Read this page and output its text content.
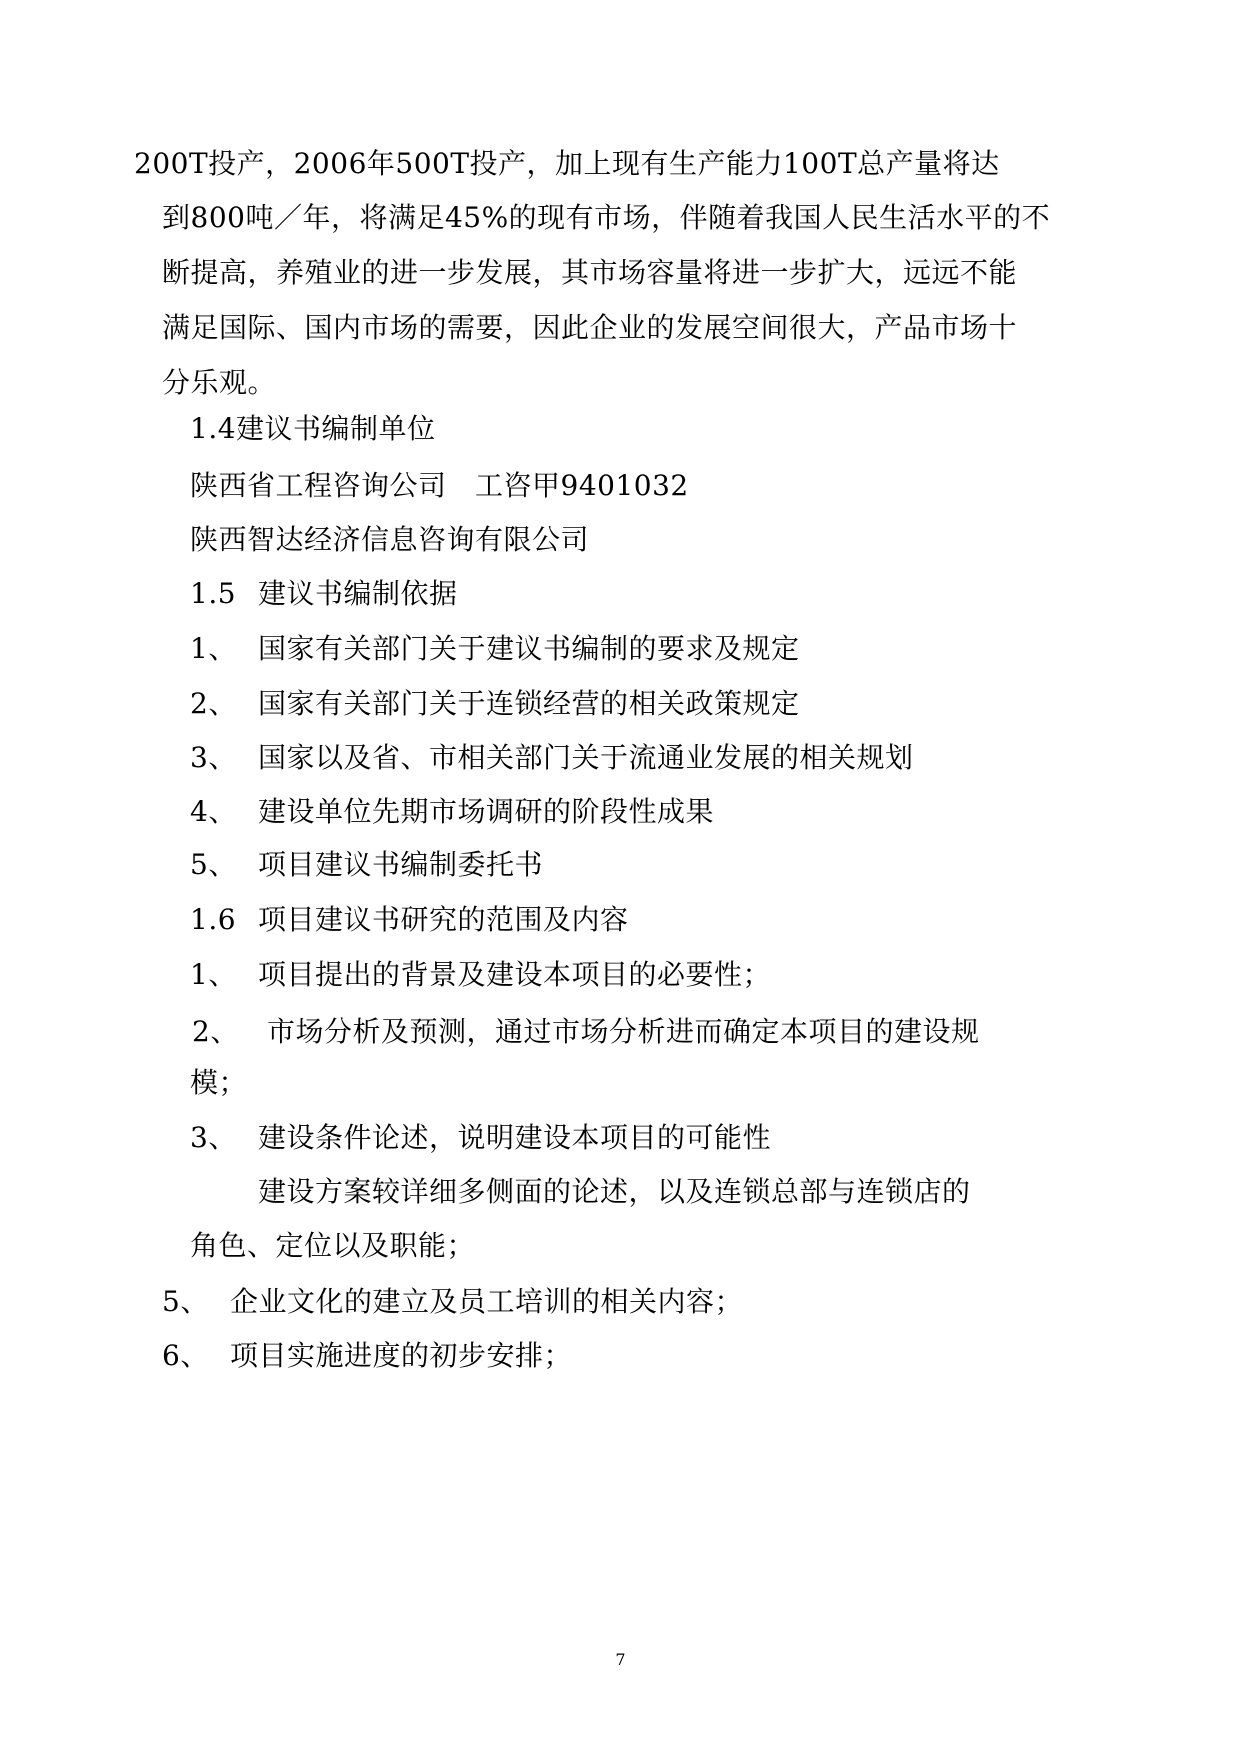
200T投产，2006年500T投产，加上现有生产能力100T总产量将达
到800吨／年，将满足45%的现有市场，伴随着我国人民生活水平的不
断提高，养殖业的进一步发展，其市场容量将进一步扩大，远远不能
满足国际、国内市场的需要，因此企业的发展空间很大，产品市场十
分乐观。
1.4建议书编制单位
陕西省工程咨询公司　工咨甲9401032
陕西智达经济信息咨询有限公司
1.5 建议书编制依据
1、 国家有关部门关于建议书编制的要求及规定
2、 国家有关部门关于连锁经营的相关政策规定
3、 国家以及省、市相关部门关于流通业发展的相关规划
4、 建设单位先期市场调研的阶段性成果
5、 项目建议书编制委托书
1.6 项目建议书研究的范围及内容
1、 项目提出的背景及建设本项目的必要性；
2、 市场分析及预测，通过市场分析进而确定本项目的建设规
模；
3、 建设条件论述，说明建设本项目的可能性
建设方案较详细多侧面的论述，以及连锁总部与连锁店的
角色、定位以及职能；
5、 企业文化的建立及员工培训的相关内容；
6、 项目实施进度的初步安排；
7
